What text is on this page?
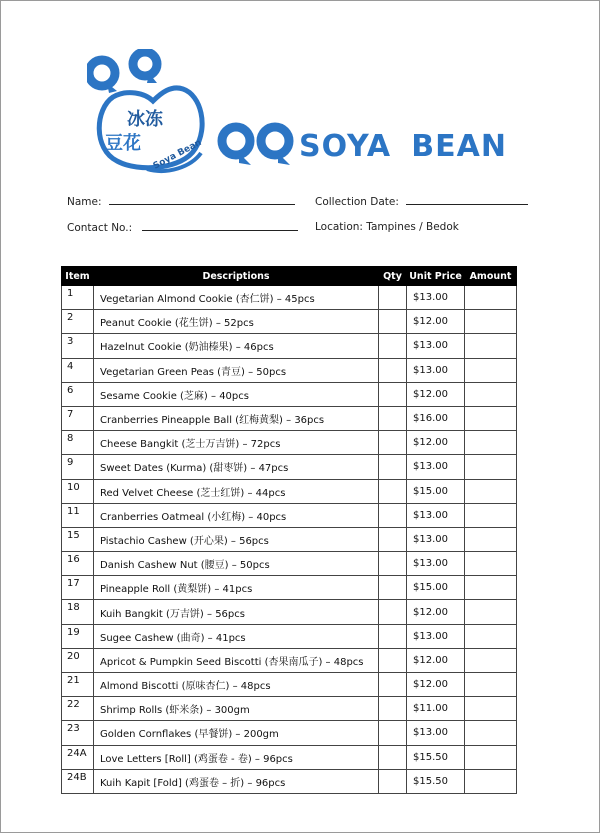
冰冻
豆花 Soya Bean	SOYA BEAN
Name:	Collection Date:
Contact No.:	Location: Tampines / Bedok
Item	Descriptions	Qty	Unit Price	Amount
1	Vegetarian Almond Cookie (杏仁饼) – 45pcs		$13.00	
2	Peanut Cookie (花生饼) – 52pcs		$12.00	
3	Hazelnut Cookie (奶油榛果) – 46pcs		$13.00	
4	Vegetarian Green Peas (青豆) – 50pcs		$13.00	
6	Sesame Cookie (芝麻) – 40pcs		$12.00	
7	Cranberries Pineapple Ball (红梅黄梨) – 36pcs		$16.00	
8	Cheese Bangkit (芝士万吉饼) – 72pcs		$12.00	
9	Sweet Dates (Kurma) (甜枣饼) – 47pcs		$13.00	
10	Red Velvet Cheese (芝士红饼) – 44pcs		$15.00	
11	Cranberries Oatmeal (小红梅) – 40pcs		$13.00	
15	Pistachio Cashew (开心果) – 56pcs		$13.00	
16	Danish Cashew Nut (腰豆) – 50pcs		$13.00	
17	Pineapple Roll (黄梨饼) – 41pcs		$15.00	
18	Kuih Bangkit (万吉饼) – 56pcs		$12.00	
19	Sugee Cashew (曲奇) – 41pcs		$13.00	
20	Apricot & Pumpkin Seed Biscotti (杏果南瓜子) – 48pcs		$12.00	
21	Almond Biscotti (原味杏仁) – 48pcs		$12.00	
22	Shrimp Rolls (虾米条) – 300gm		$11.00	
23	Golden Cornflakes (早餐饼) – 200gm		$13.00	
24A	Love Letters [Roll] (鸡蛋卷 - 卷) – 96pcs		$15.50	
24B	Kuih Kapit [Fold] (鸡蛋卷 – 折) – 96pcs		$15.50	
